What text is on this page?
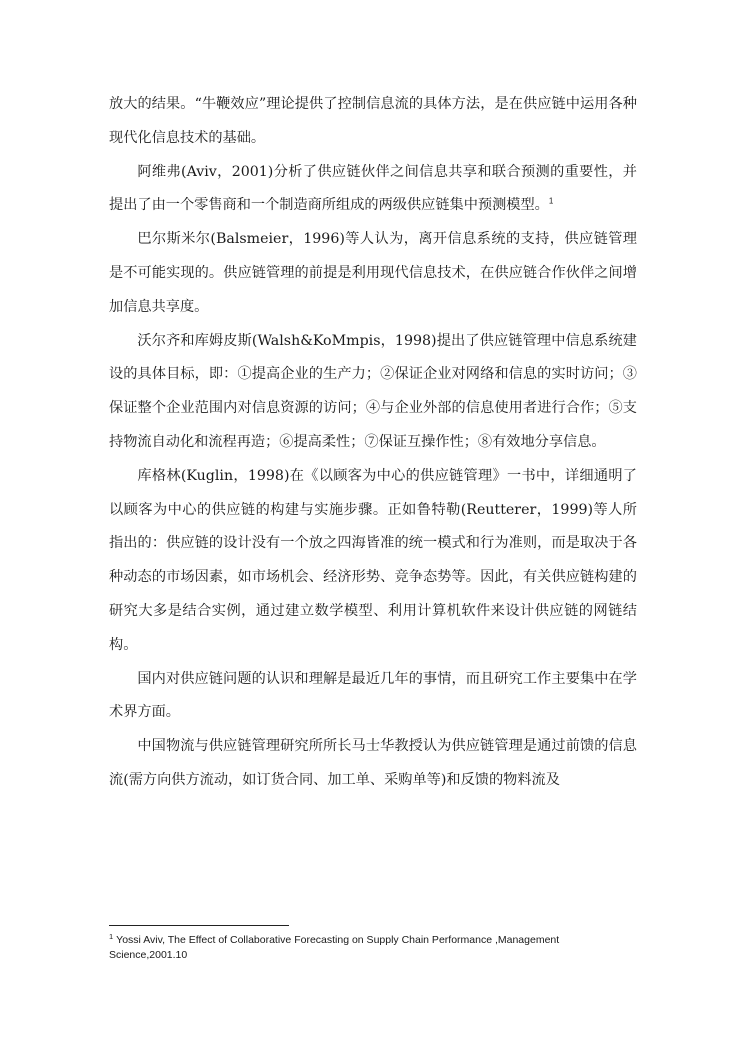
放大的结果。“牛鞭效应”理论提供了控制信息流的具体方法，是在供应链中运用各种现代化信息技术的基础。

阿维弗(Aviv，2001)分析了供应链伙伴之间信息共享和联合预测的重要性，并提出了由一个零售商和一个制造商所组成的两级供应链集中预测模型。$^1$

巴尔斯米尔(Balsmeier，1996)等人认为，离开信息系统的支持，供应链管理是不可能实现的。供应链管理的前提是利用现代信息技术，在供应链合作伙伴之间增加信息共享度。

沃尔齐和库姆皮斯(Walsh&KoMmpis，1998)提出了供应链管理中信息系统建设的具体目标，即：①提高企业的生产力；②保证企业对网络和信息的实时访问；③保证整个企业范围内对信息资源的访问；④与企业外部的信息使用者进行合作；⑤支持物流自动化和流程再造；⑥提高柔性；⑦保证互操作性；⑧有效地分享信息。

库格林(Kuglin，1998)在《以顾客为中心的供应链管理》一书中，详细通明了以顾客为中心的供应链的构建与实施步骤。正如鲁特勒(Reutterer，1999)等人所指出的：供应链的设计没有一个放之四海皆准的统一模式和行为准则，而是取决于各种动态的市场因素，如市场机会、经济形势、竞争态势等。因此，有关供应链构建的研究大多是结合实例，通过建立数学模型、利用计算机软件来设计供应链的网链结构。

国内对供应链问题的认识和理解是最近几年的事情，而且研究工作主要集中在学术界方面。

中国物流与供应链管理研究所所长马士华教授认为供应链管理是通过前馈的信息流(需方向供方流动，如订货合同、加工单、采购单等)和反馈的物料流及

$^1$ Yossi Aviv, The Effect of Collaborative Forecasting on Supply Chain Performance ,Management Science,2001.10
